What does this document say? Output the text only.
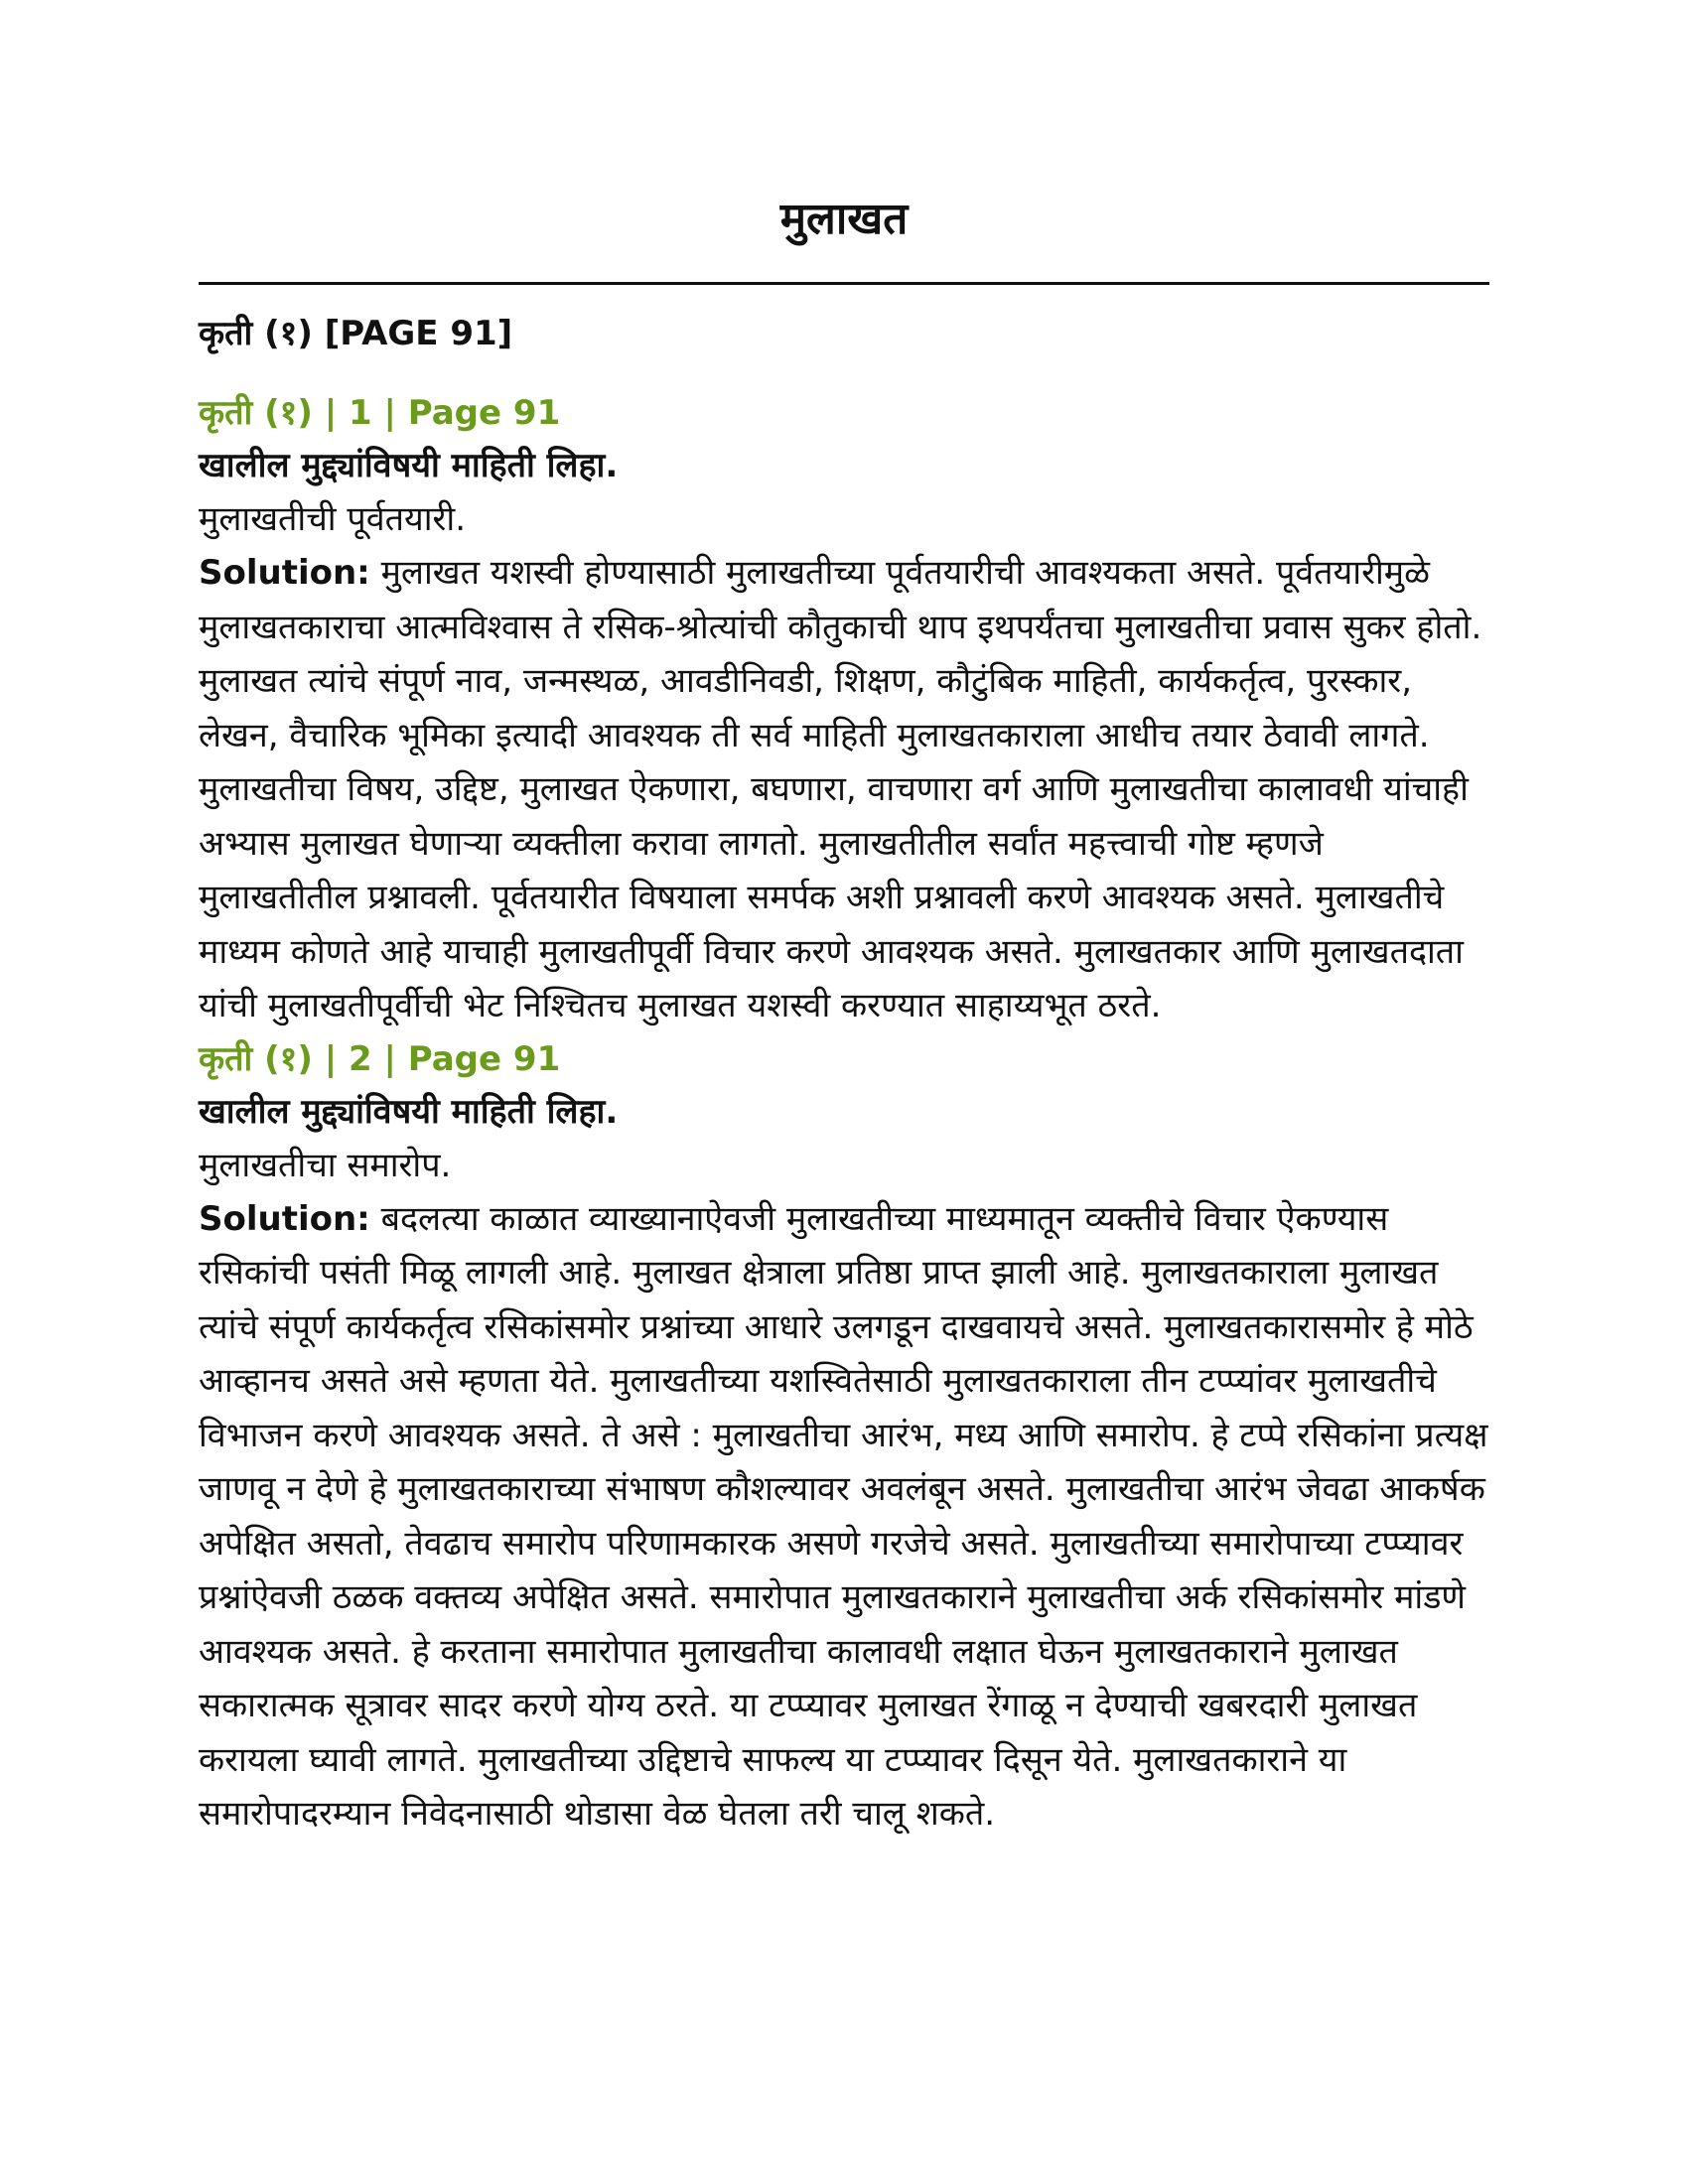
मुलाखत

कृती (१) [PAGE 91]

कृती (१) | 1 | Page 91

खालील मुद्द्यांविषयी माहिती लिहा.

मुलाखतीची पूर्वतयारी.

Solution: मुलाखत यशस्वी होण्यासाठी मुलाखतीच्या पूर्वतयारीची आवश्यकता असते. पूर्वतयारीमुळे मुलाखतकाराचा आत्मविश्वास ते रसिक-श्रोत्यांची कौतुकाची थाप इथपर्यंतचा मुलाखतीचा प्रवास सुकर होतो. मुलाखत त्यांचे संपूर्ण नाव, जन्मस्थळ, आवडीनिवडी, शिक्षण, कौटुंबिक माहिती, कार्यकर्तृत्व, पुरस्कार, लेखन, वैचारिक भूमिका इत्यादी आवश्यक ती सर्व माहिती मुलाखतकाराला आधीच तयार ठेवावी लागते. मुलाखतीचा विषय, उद्दिष्ट, मुलाखत ऐकणारा, बघणारा, वाचणारा वर्ग आणि मुलाखतीचा कालावधी यांचाही अभ्यास मुलाखत घेणाऱ्या व्यक्तीला करावा लागतो. मुलाखतीतील सर्वांत महत्त्वाची गोष्ट म्हणजे मुलाखतीतील प्रश्नावली. पूर्वतयारीत विषयाला समर्पक अशी प्रश्नावली करणे आवश्यक असते. मुलाखतीचे माध्यम कोणते आहे याचाही मुलाखतीपूर्वी विचार करणे आवश्यक असते. मुलाखतकार आणि मुलाखतदाता यांची मुलाखतीपूर्वीची भेट निश्चितच मुलाखत यशस्वी करण्यात साहाय्यभूत ठरते.

कृती (१) | 2 | Page 91

खालील मुद्द्यांविषयी माहिती लिहा.

मुलाखतीचा समारोप.

Solution: बदलत्या काळात व्याख्यानाऐवजी मुलाखतीच्या माध्यमातून व्यक्तीचे विचार ऐकण्यास रसिकांची पसंती मिळू लागली आहे. मुलाखत क्षेत्राला प्रतिष्ठा प्राप्त झाली आहे. मुलाखतकाराला मुलाखत त्यांचे संपूर्ण कार्यकर्तृत्व रसिकांसमोर प्रश्नांच्या आधारे उलगडून दाखवायचे असते. मुलाखतकारासमोर हे मोठे आव्हानच असते असे म्हणता येते. मुलाखतीच्या यशस्वितेसाठी मुलाखतकाराला तीन टप्प्यांवर मुलाखतीचे विभाजन करणे आवश्यक असते. ते असे : मुलाखतीचा आरंभ, मध्य आणि समारोप. हे टप्पे रसिकांना प्रत्यक्ष जाणवू न देणे हे मुलाखतकाराच्या संभाषण कौशल्यावर अवलंबून असते. मुलाखतीचा आरंभ जेवढा आकर्षक अपेक्षित असतो, तेवढाच समारोप परिणामकारक असणे गरजेचे असते. मुलाखतीच्या समारोपाच्या टप्प्यावर प्रश्नांऐवजी ठळक वक्तव्य अपेक्षित असते. समारोपात मुलाखतकाराने मुलाखतीचा अर्क रसिकांसमोर मांडणे आवश्यक असते. हे करताना समारोपात मुलाखतीचा कालावधी लक्षात घेऊन मुलाखतकाराने मुलाखत सकारात्मक सूत्रावर सादर करणे योग्य ठरते. या टप्प्यावर मुलाखत रेंगाळू न देण्याची खबरदारी मुलाखत करायला घ्यावी लागते. मुलाखतीच्या उद्दिष्टाचे साफल्य या टप्प्यावर दिसून येते. मुलाखतकाराने या समारोपादरम्यान निवेदनासाठी थोडासा वेळ घेतला तरी चालू शकते.
